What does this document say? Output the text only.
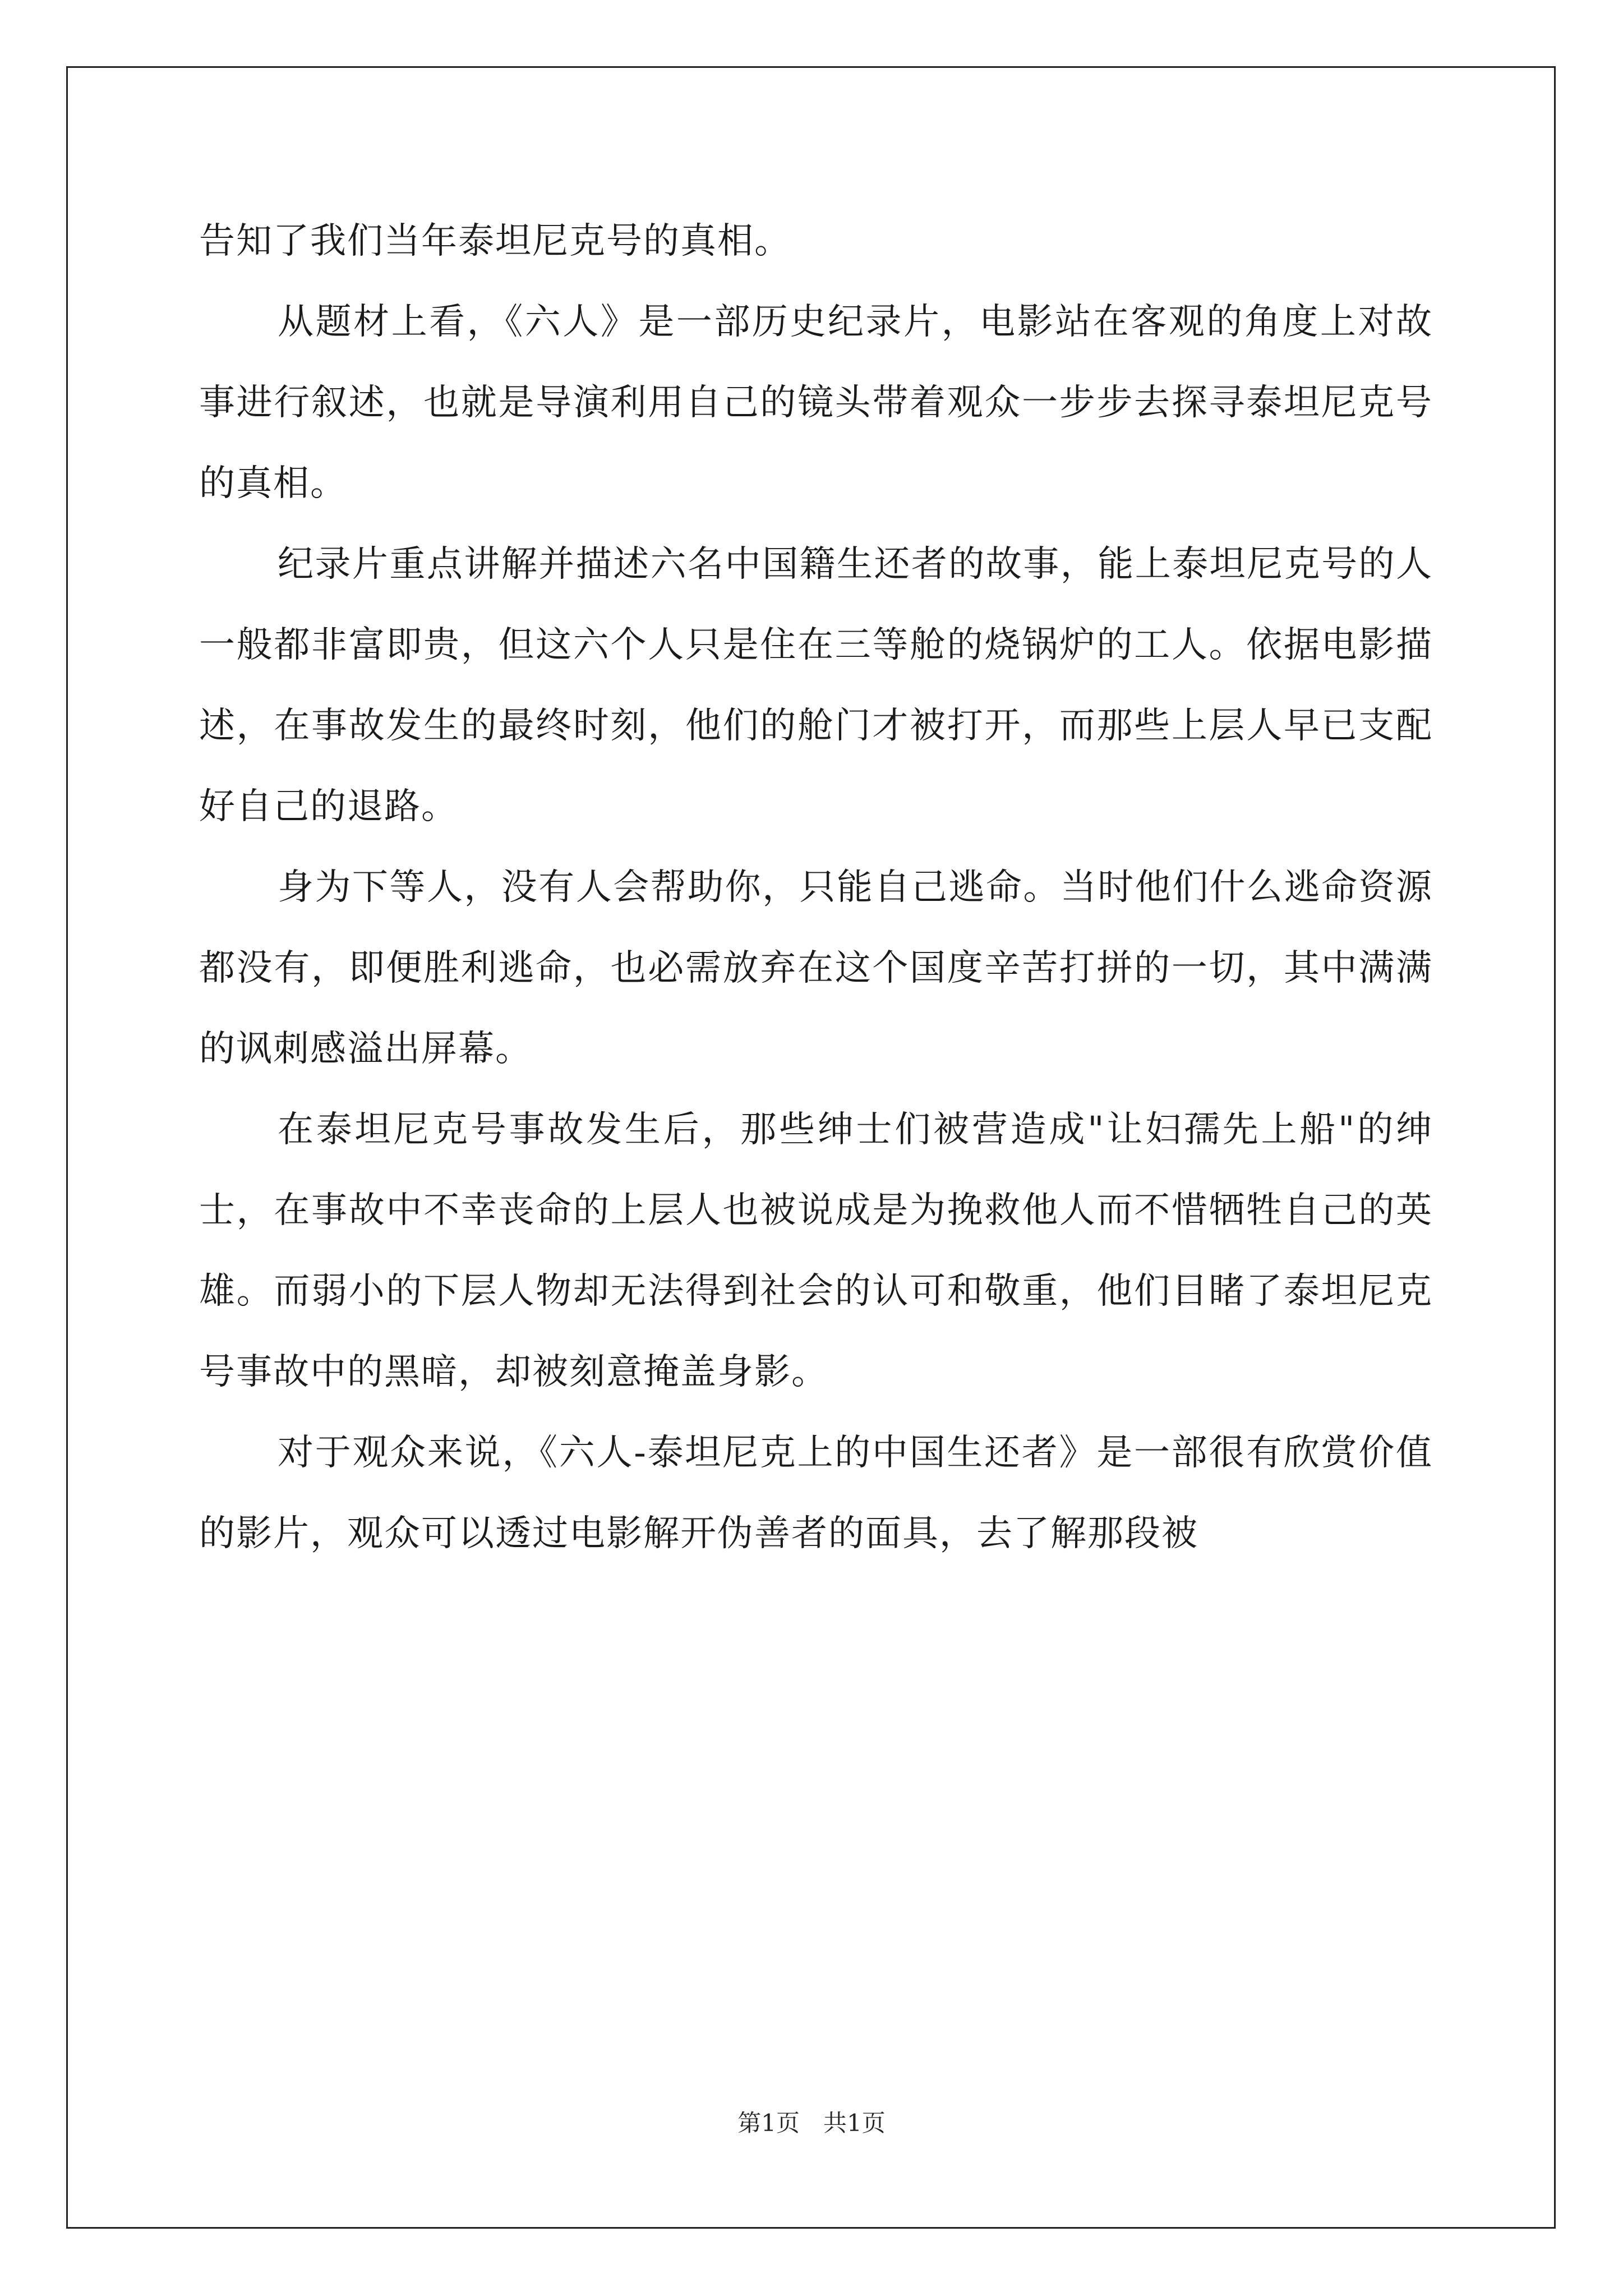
告知了我们当年泰坦尼克号的真相。

从题材上看，《六人》是一部历史纪录片，电影站在客观的角度上对故事进行叙述，也就是导演利用自己的镜头带着观众一步步去探寻泰坦尼克号的真相。

纪录片重点讲解并描述六名中国籍生还者的故事，能上泰坦尼克号的人一般都非富即贵，但这六个人只是住在三等舱的烧锅炉的工人。依据电影描述，在事故发生的最终时刻，他们的舱门才被打开，而那些上层人早已支配好自己的退路。

身为下等人，没有人会帮助你，只能自己逃命。当时他们什么逃命资源都没有，即便胜利逃命，也必需放弃在这个国度辛苦打拼的一切，其中满满的讽刺感溢出屏幕。

在泰坦尼克号事故发生后，那些绅士们被营造成"让妇孺先上船"的绅士，在事故中不幸丧命的上层人也被说成是为挽救他人而不惜牺牲自己的英雄。而弱小的下层人物却无法得到社会的认可和敬重，他们目睹了泰坦尼克号事故中的黑暗，却被刻意掩盖身影。

对于观众来说，《六人-泰坦尼克上的中国生还者》是一部很有欣赏价值的影片，观众可以透过电影解开伪善者的面具，去了解那段被

第1页　共1页
